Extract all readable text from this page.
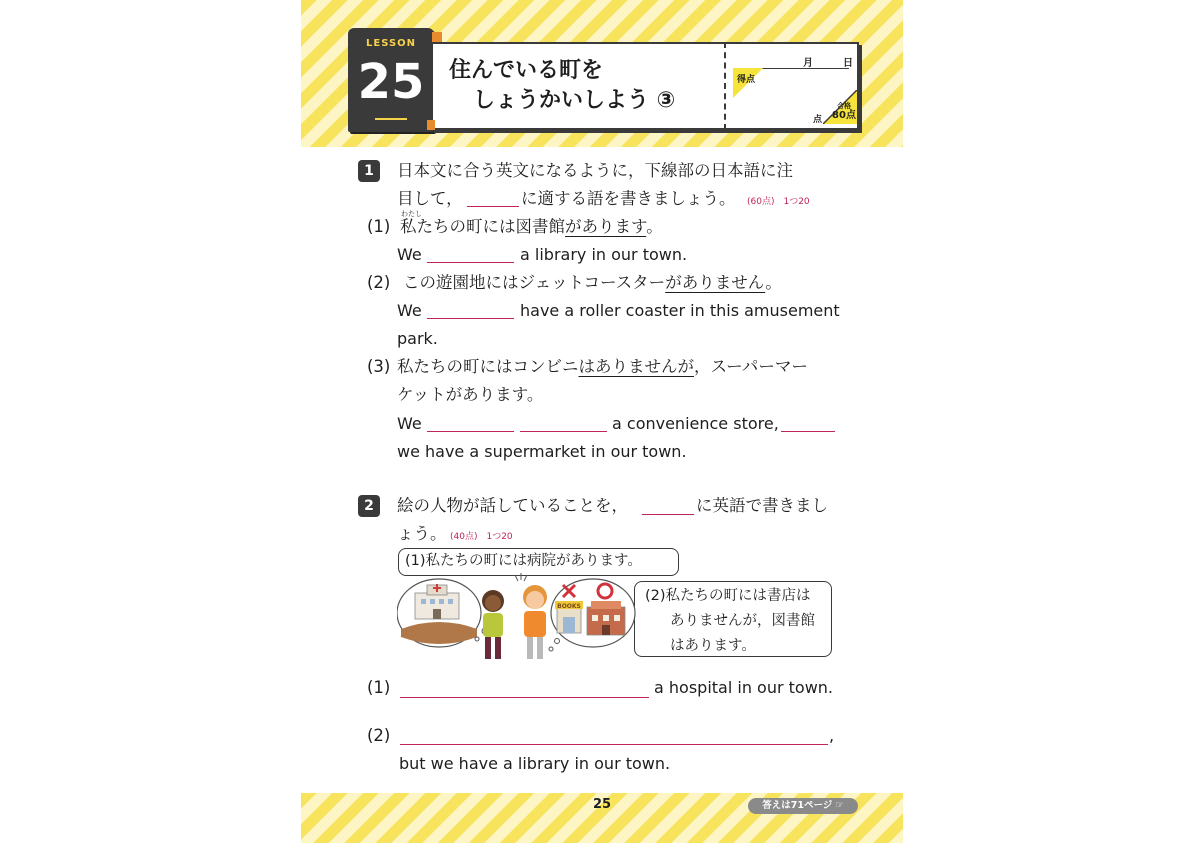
LESSON
25	住んでいる町を
しょうかいしよう ③
月	日
得点
点
合格
80点
1	日本文に合う英文になるように，下線部の日本語に注
目して，	に適する語を書きましょう。 (60点)　1つ20
わたし
(1) 私たちの町には図書館があります。
We	a library in our town.
(2) この遊園地にはジェットコースターがありません。
We	have a roller coaster in this amusement
park.
(3) 私たちの町にはコンビニはありませんが，スーパーマー
ケットがあります。
We	a convenience store,
we have a supermarket in our town.
2	絵の人物が話していることを，	に英語で書きまし
ょう。 (40点)　1つ20
(1)私たちの町には病院があります。
(2)私たちの町には書店は
ありませんが，図書館
はあります。
BOOKS
(1)	a hospital in our town.
(2)	,
but we have a library in our town.
25	答えは71ページ ☞
